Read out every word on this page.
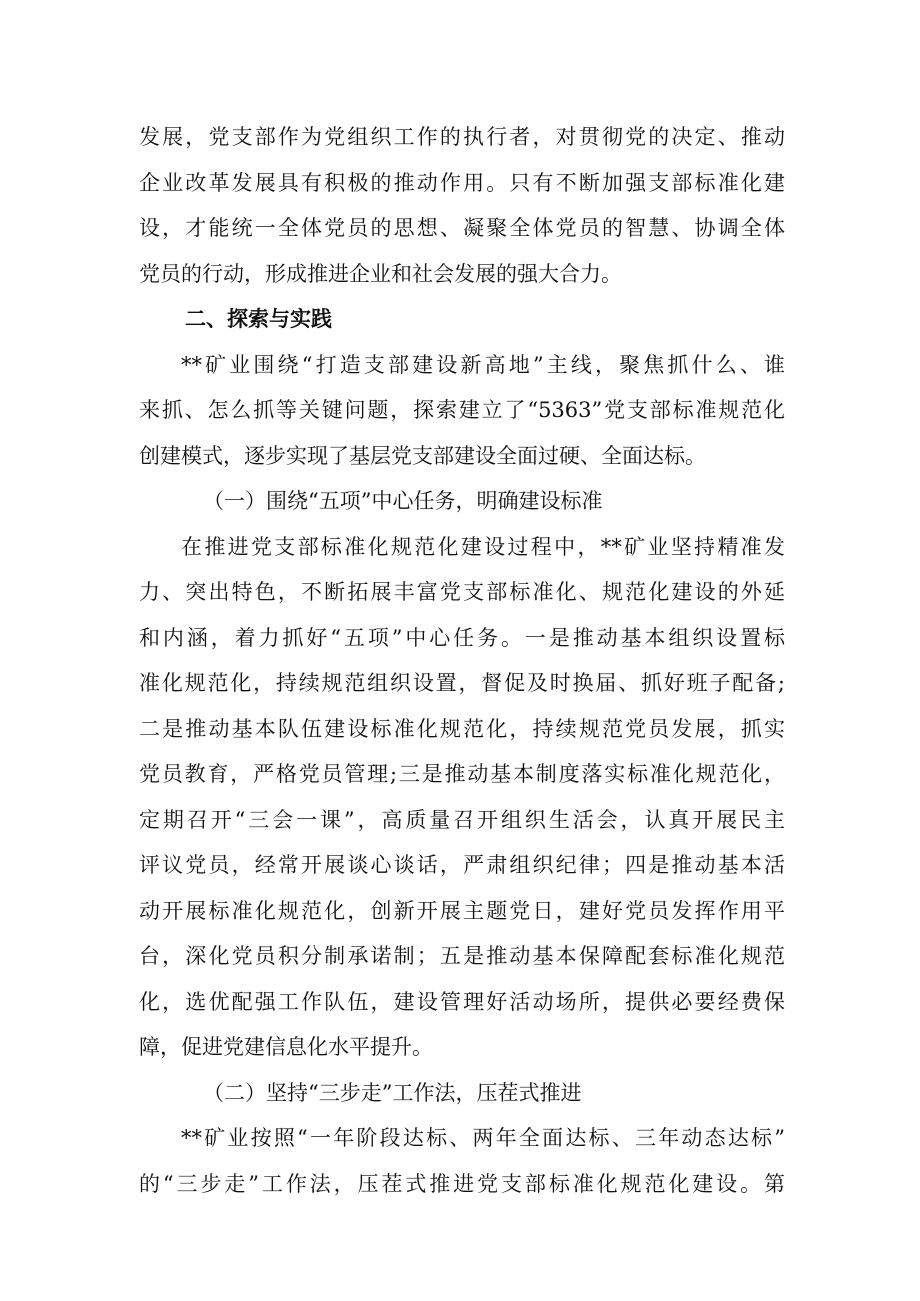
发展，党支部作为党组织工作的执行者，对贯彻党的决定、推动
企业改革发展具有积极的推动作用。只有不断加强支部标准化建
设，才能统一全体党员的思想、凝聚全体党员的智慧、协调全体
党员的行动，形成推进企业和社会发展的强大合力。
二、探索与实践
**矿业围绕“打造支部建设新高地”主线，聚焦抓什么、谁
来抓、怎么抓等关键问题，探索建立了“5363”党支部标准规范化
创建模式，逐步实现了基层党支部建设全面过硬、全面达标。
（一）围绕“五项”中心任务，明确建设标准
在推进党支部标准化规范化建设过程中，**矿业坚持精准发
力、突出特色，不断拓展丰富党支部标准化、规范化建设的外延
和内涵，着力抓好“五项”中心任务。一是推动基本组织设置标
准化规范化，持续规范组织设置，督促及时换届、抓好班子配备;
二是推动基本队伍建设标准化规范化，持续规范党员发展，抓实
党员教育，严格党员管理;三是推动基本制度落实标准化规范化，
定期召开“三会一课”，高质量召开组织生活会，认真开展民主
评议党员，经常开展谈心谈话，严肃组织纪律；四是推动基本活
动开展标准化规范化，创新开展主题党日，建好党员发挥作用平
台，深化党员积分制承诺制；五是推动基本保障配套标准化规范
化，选优配强工作队伍，建设管理好活动场所，提供必要经费保
障，促进党建信息化水平提升。
（二）坚持“三步走”工作法，压茬式推进
**矿业按照“一年阶段达标、两年全面达标、三年动态达标”
的“三步走”工作法，压茬式推进党支部标准化规范化建设。第
